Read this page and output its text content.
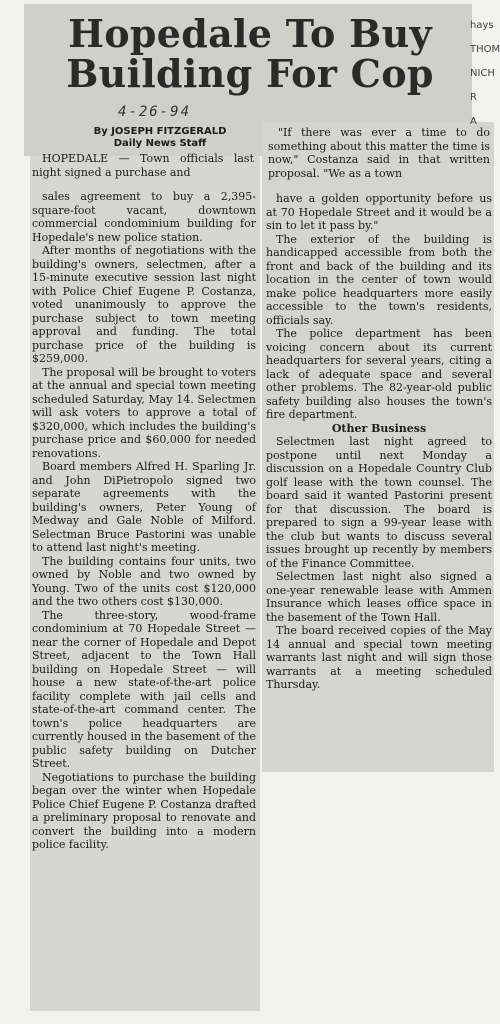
hays
THOM
NICH
R
A
Hopedale To Buy Building For Cop
4-26-94
By JOSEPH FITZGERALD
Daily News Staff

HOPEDALE — Town officials last night signed a purchase and

sales agreement to buy a 2,395-square-foot vacant, downtown commercial condominium building for Hopedale's new police station.

After months of negotiations with the building's owners, selectmen, after a 15-minute executive session last night with Police Chief Eugene P. Costanza, voted unanimously to approve the purchase subject to town meeting approval and funding. The total purchase price of the building is $259,000.

The proposal will be brought to voters at the annual and special town meeting scheduled Saturday, May 14. Selectmen will ask voters to approve a total of $320,000, which includes the building's purchase price and $60,000 for needed renovations.

Board members Alfred H. Sparling Jr. and John DiPietropolo signed two separate agreements with the building's owners, Peter Young of Medway and Gale Noble of Milford. Selectman Bruce Pastorini was unable to attend last night's meeting.

The building contains four units, two owned by Noble and two owned by Young. Two of the units cost $120,000 and the two others cost $130,000.

The three-story, wood-frame condominium at 70 Hopedale Street — near the corner of Hopedale and Depot Street, adjacent to the Town Hall building on Hopedale Street — will house a new state-of-the-art police facility complete with jail cells and state-of-the-art command center. The town's police headquarters are currently housed in the basement of the public safety building on Dutcher Street.

Negotiations to purchase the building began over the winter when Hopedale Police Chief Eugene P. Costanza drafted a preliminary proposal to renovate and convert the building into a modern police facility.

"If there was ever a time to do something about this matter the time is now," Costanza said in that written proposal. "We as a town

have a golden opportunity before us at 70 Hopedale Street and it would be a sin to let it pass by."

The exterior of the building is handicapped accessible from both the front and back of the building and its location in the center of town would make police headquarters more easily accessible to the town's residents, officials say.

The police department has been voicing concern about its current headquarters for several years, citing a lack of adequate space and several other problems. The 82-year-old public safety building also houses the town's fire department.

Other Business

Selectmen last night agreed to postpone until next Monday a discussion on a Hopedale Country Club golf lease with the town counsel. The board said it wanted Pastorini present for that discussion. The board is prepared to sign a 99-year lease with the club but wants to discuss several issues brought up recently by members of the Finance Committee.

Selectmen last night also signed a one-year renewable lease with Ammen Insurance which leases office space in the basement of the Town Hall.

The board received copies of the May 14 annual and special town meeting warrants last night and will sign those warrants at a meeting scheduled Thursday.
